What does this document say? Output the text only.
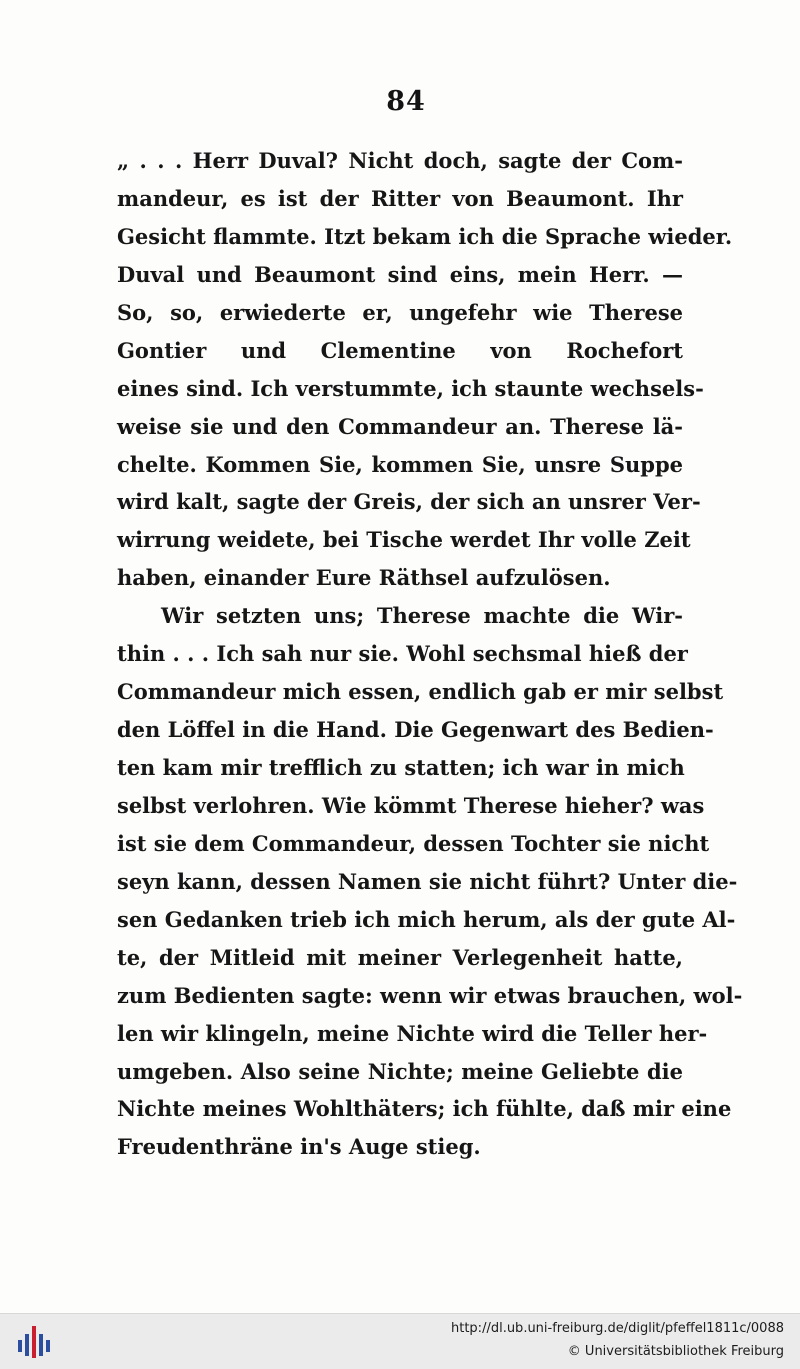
84
„ . . . Herr Duval? Nicht doch, sagte der Com-
mandeur, es ist der Ritter von Beaumont. Ihr
Gesicht flammte. Itzt bekam ich die Sprache wieder.
Duval und Beaumont sind eins, mein Herr. —
So, so, erwiederte er, ungefehr wie Therese
Gontier und Clementine von Rochefort
eines sind. Ich verstummte, ich staunte wechsels-
weise sie und den Commandeur an. Therese lä-
chelte. Kommen Sie, kommen Sie, unsre Suppe
wird kalt, sagte der Greis, der sich an unsrer Ver-
wirrung weidete, bei Tische werdet Ihr volle Zeit
haben, einander Eure Räthsel aufzulösen.
Wir setzten uns; Therese machte die Wir-
thin . . . Ich sah nur sie. Wohl sechsmal hieß der
Commandeur mich essen, endlich gab er mir selbst
den Löffel in die Hand. Die Gegenwart des Bedien-
ten kam mir trefflich zu statten; ich war in mich
selbst verlohren. Wie kömmt Therese hieher? was
ist sie dem Commandeur, dessen Tochter sie nicht
seyn kann, dessen Namen sie nicht führt? Unter die-
sen Gedanken trieb ich mich herum, als der gute Al-
te, der Mitleid mit meiner Verlegenheit hatte,
zum Bedienten sagte: wenn wir etwas brauchen, wol-
len wir klingeln, meine Nichte wird die Teller her-
umgeben. Also seine Nichte; meine Geliebte die
Nichte meines Wohlthäters; ich fühlte, daß mir eine
Freudenthräne in's Auge stieg.
http://dl.ub.uni-freiburg.de/diglit/pfeffel1811c/0088
© Universitätsbibliothek Freiburg
